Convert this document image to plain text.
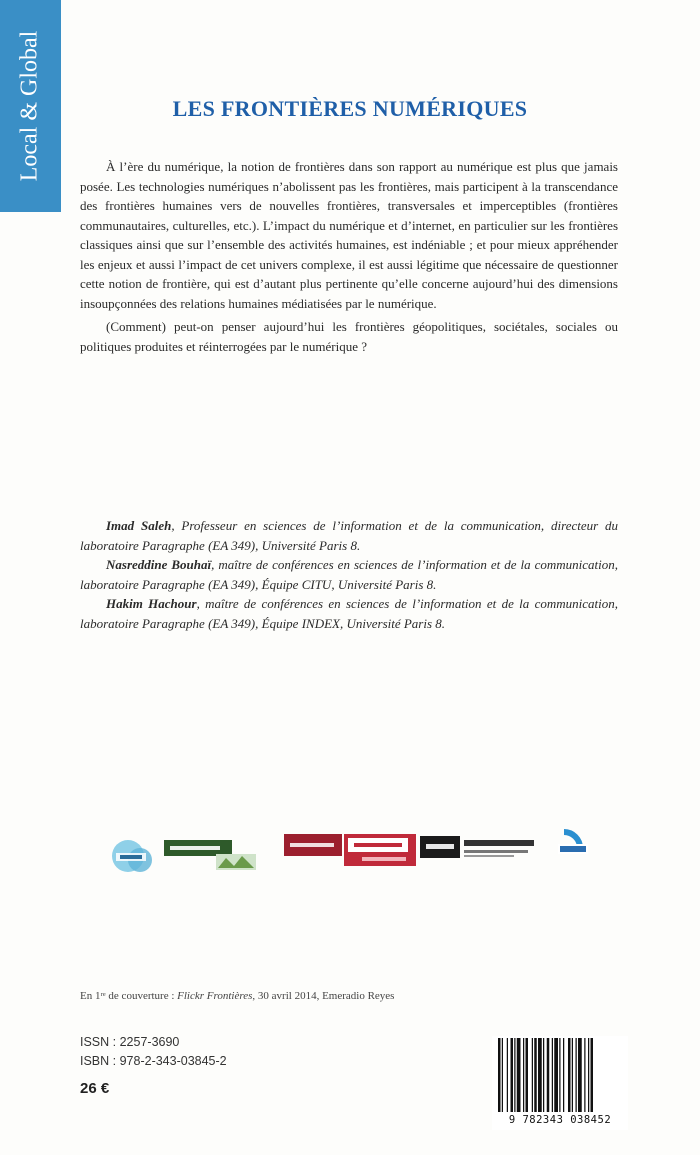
Local & Global	LES FRONTIÈRES NUMÉRIQUES

À l’ère du numérique, la notion de frontières dans son rapport au numérique est plus que jamais posée. Les technologies numériques n’abolissent pas les frontières, mais participent à la transcendance des frontières humaines vers de nouvelles frontières, transversales et imperceptibles (frontières communautaires, culturelles, etc.). L’impact du numérique et d’internet, en particulier sur les frontières classiques ainsi que sur l’ensemble des activités humaines, est indéniable ; et pour mieux appréhender les enjeux et aussi l’impact de cet univers complexe, il est aussi légitime que nécessaire de questionner cette notion de frontière, qui est d’autant plus pertinente qu’elle concerne aujourd’hui des dimensions insoupçonnées des relations humaines médiatisées par le numérique.

(Comment) peut-on penser aujourd’hui les frontières géopolitiques, sociétales, sociales ou politiques produites et réinterrogées par le numérique ?

Imad Saleh, Professeur en sciences de l’information et de la communication, directeur du laboratoire Paragraphe (EA 349), Université Paris 8.

Nasreddine Bouhaï, maître de conférences en sciences de l’information et de la communication, laboratoire Paragraphe (EA 349), Équipe CITU, Université Paris 8.

Hakim Hachour, maître de conférences en sciences de l’information et de la communication, laboratoire Paragraphe (EA 349), Équipe INDEX, Université Paris 8.

En 1ʳᵉ de couverture : Flickr Frontières, 30 avril 2014, Emeradio Reyes
ISSN : 2257-3690
ISBN : 978-2-343-03845-2
26 €
9 782343 038452
